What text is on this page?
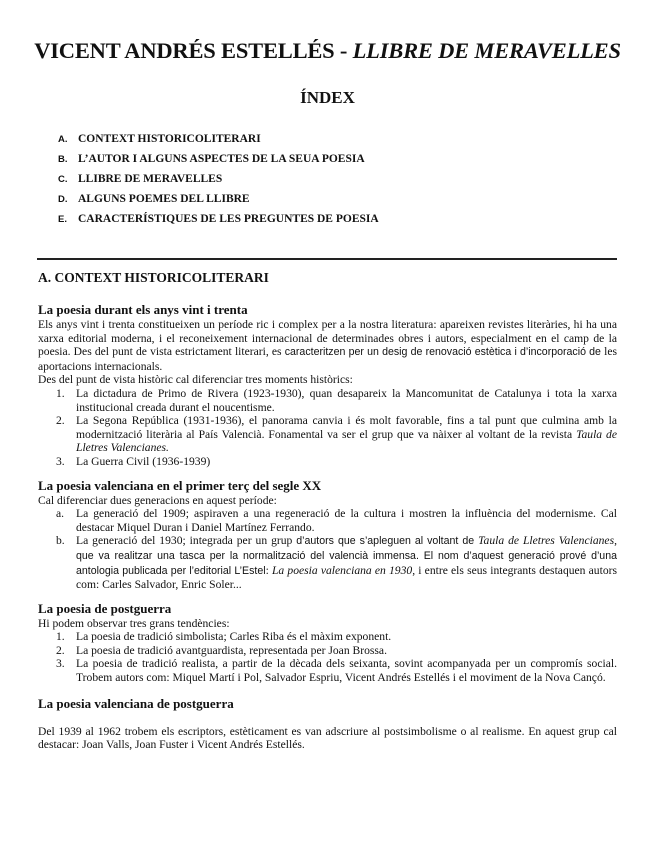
VICENT ANDRÉS ESTELLÉS - LLIBRE DE MERAVELLES
ÍNDEX
A. CONTEXT HISTORICOLITERARI
B. L’AUTOR I ALGUNS ASPECTES DE LA SEUA POESIA
C. LLIBRE DE MERAVELLES
D. ALGUNS POEMES DEL LLIBRE
E. CARACTERÍSTIQUES DE LES PREGUNTES DE POESIA
A. CONTEXT HISTORICOLITERARI
La poesia durant els anys vint i trenta

Els anys vint i trenta constitueixen un període ric i complex per a la nostra literatura: apareixen revistes literàries, hi ha una xarxa editorial moderna, i el reconeixement internacional de determinades obres i autors, especialment en el camp de la poesia. Des del punt de vista estrictament literari, es caracteritzen per un desig de renovació estètica i d’incorporació de les aportacions internacionals.

Des del punt de vista històric cal diferenciar tres moments històrics:

1. La dictadura de Primo de Rivera (1923-1930), quan desapareix la Mancomunitat de Catalunya i tota la xarxa institucional creada durant el noucentisme.
2. La Segona República (1931-1936), el panorama canvia i és molt favorable, fins a tal punt que culmina amb la modernització literària al País Valencià. Fonamental va ser el grup que va nàixer al voltant de la revista Taula de Lletres Valencianes.
3. La Guerra Civil (1936-1939)
La poesia valenciana en el primer terç del segle XX

Cal diferenciar dues generacions en aquest període:

a. La generació del 1909; aspiraven a una regeneració de la cultura i mostren la influència del modernisme. Cal destacar Miquel Duran i Daniel Martínez Ferrando.
b. La generació del 1930; integrada per un grup d’autors que s’apleguen al voltant de Taula de Lletres Valencianes, que va realitzar una tasca per la normalització del valencià immensa. El nom d’aquest generació prové d’una antologia publicada per l’editorial L’Estel: La poesia valenciana en 1930, i entre els seus integrants destaquen autors com: Carles Salvador, Enric Soler...
La poesia de postguerra

Hi podem observar tres grans tendències:

1. La poesia de tradició simbolista; Carles Riba és el màxim exponent.
2. La poesia de tradició avantguardista, representada per Joan Brossa.
3. La poesia de tradició realista, a partir de la dècada dels seixanta, sovint acompanyada per un compromís social. Trobem autors com: Miquel Martí i Pol, Salvador Espriu, Vicent Andrés Estellés i el moviment de la Nova Cançó.
La poesia valenciana de postguerra

Del 1939 al 1962 trobem els escriptors, estèticament es van adscriure al postsimbolisme o al realisme. En aquest grup cal destacar: Joan Valls, Joan Fuster i Vicent Andrés Estellés.
